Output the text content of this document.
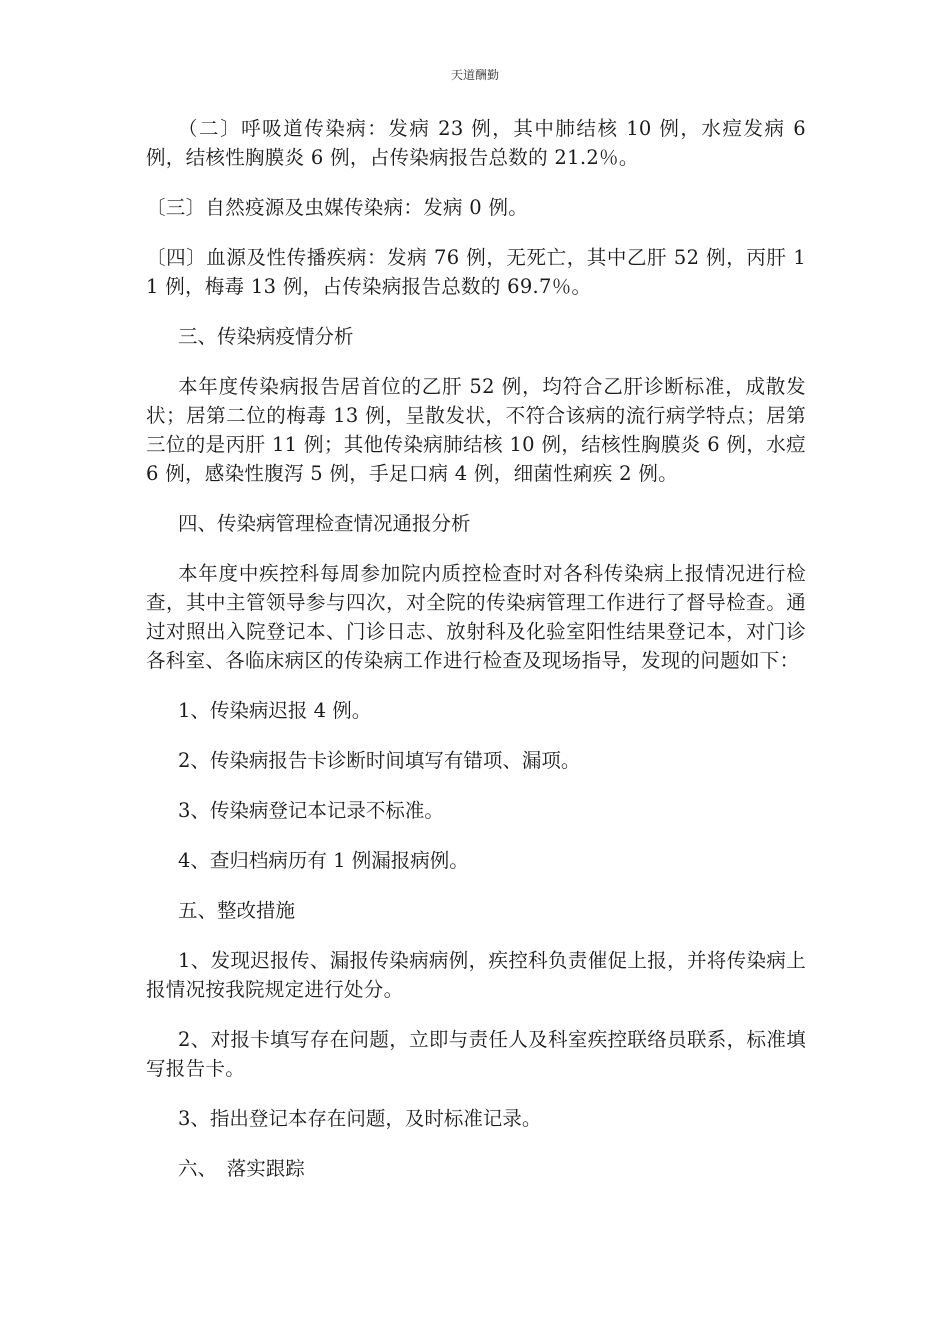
天道酬勤

（二〕呼吸道传染病：发病 23 例，其中肺结核 10 例，水痘发病 6 例，结核性胸膜炎 6 例，占传染病报告总数的 21.2％。

〔三〕自然疫源及虫媒传染病：发病 0 例。

〔四〕血源及性传播疾病：发病 76 例，无死亡，其中乙肝 52 例，丙肝 11 例，梅毒 13 例，占传染病报告总数的 69.7％。

三、传染病疫情分析

本年度传染病报告居首位的乙肝 52 例，均符合乙肝诊断标准，成散发状；居第二位的梅毒 13 例，呈散发状，不符合该病的流行病学特点；居第三位的是丙肝 11 例；其他传染病肺结核 10 例，结核性胸膜炎 6 例，水痘 6 例，感染性腹泻 5 例，手足口病 4 例，细菌性痢疾 2 例。

四、传染病管理检查情况通报分析

本年度中疾控科每周参加院内质控检查时对各科传染病上报情况进行检查，其中主管领导参与四次，对全院的传染病管理工作进行了督导检查。通过对照出入院登记本、门诊日志、放射科及化验室阳性结果登记本，对门诊各科室、各临床病区的传染病工作进行检查及现场指导，发现的问题如下：

1、传染病迟报 4 例。

2、传染病报告卡诊断时间填写有错项、漏项。

3、传染病登记本记录不标准。

4、查归档病历有 1 例漏报病例。

五、整改措施

1、发现迟报传、漏报传染病病例，疾控科负责催促上报，并将传染病上报情况按我院规定进行处分。

2、对报卡填写存在问题，立即与责任人及科室疾控联络员联系，标准填写报告卡。

3、指出登记本存在问题，及时标准记录。

六、　落实跟踪
